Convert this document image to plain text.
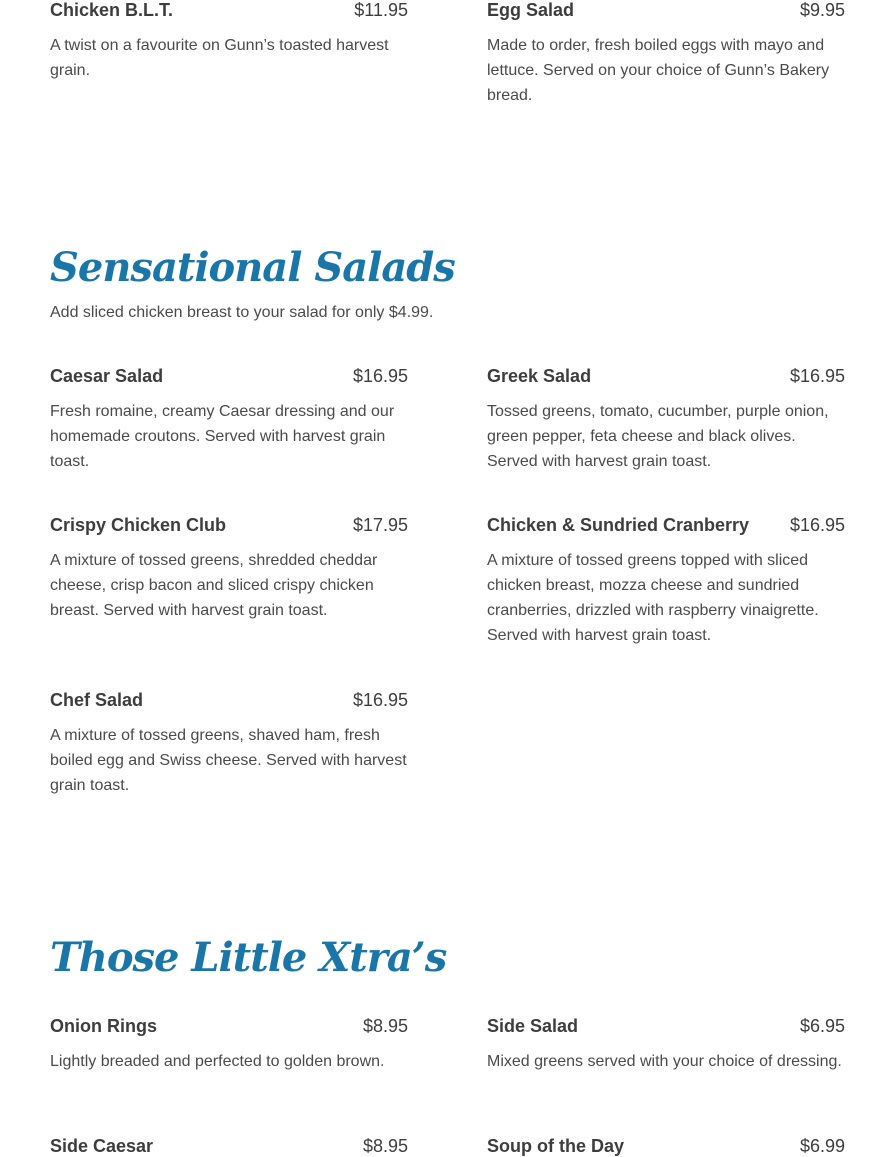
Chicken B.L.T.	$11.95
A twist on a favourite on Gunn’s toasted harvest grain.
Egg Salad	$9.95
Made to order, fresh boiled eggs with mayo and lettuce. Served on your choice of Gunn’s Bakery bread.
Sensational Salads
Add sliced chicken breast to your salad for only $4.99.
Caesar Salad	$16.95
Fresh romaine, creamy Caesar dressing and our homemade croutons. Served with harvest grain toast.
Greek Salad	$16.95
Tossed greens, tomato, cucumber, purple onion, green pepper, feta cheese and black olives. Served with harvest grain toast.
Crispy Chicken Club	$17.95
A mixture of tossed greens, shredded cheddar cheese, crisp bacon and sliced crispy chicken breast. Served with harvest grain toast.
Chicken & Sundried Cranberry $16.95
A mixture of tossed greens topped with sliced chicken breast, mozza cheese and sundried cranberries, drizzled with raspberry vinaigrette. Served with harvest grain toast.
Chef Salad	$16.95
A mixture of tossed greens, shaved ham, fresh boiled egg and Swiss cheese. Served with harvest grain toast.
Those Little Xtra’s
Onion Rings	$8.95
Lightly breaded and perfected to golden brown.
Side Salad	$6.95
Mixed greens served with your choice of dressing.
Side Caesar	$8.95	Soup of the Day	$6.99
